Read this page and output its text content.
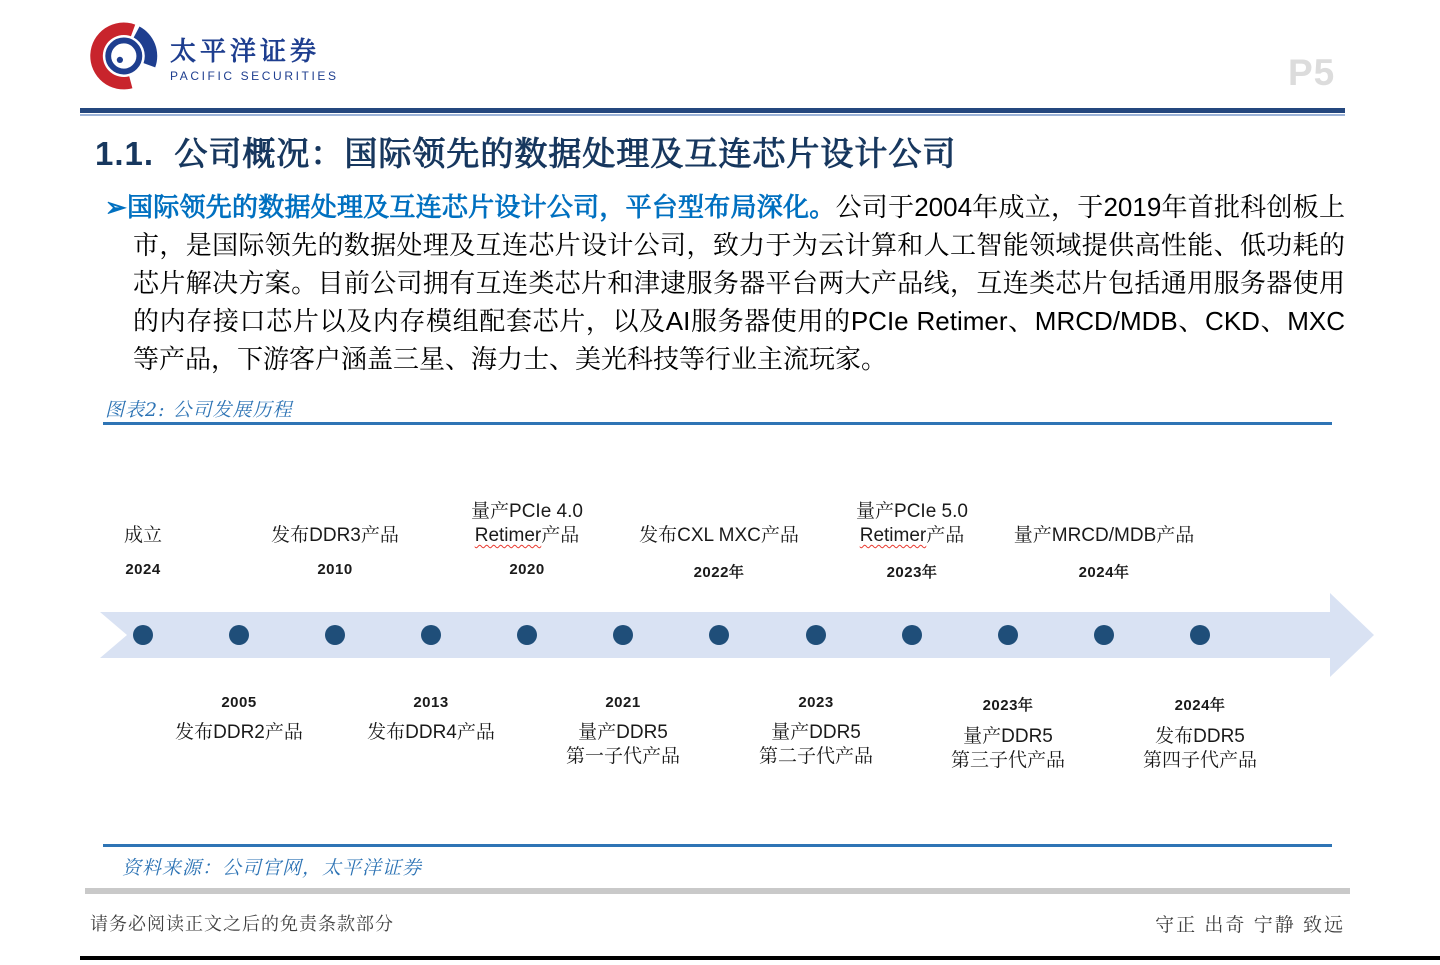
太平洋证券
PACIFIC SECURITIES	P5
1.1.  公司概况：国际领先的数据处理及互连芯片设计公司

➢国际领先的数据处理及互连芯片设计公司，平台型布局深化。公司于2004年成立，于2019年首批科创板上市，是国际领先的数据处理及互连芯片设计公司，致力于为云计算和人工智能领域提供高性能、低功耗的芯片解决方案。目前公司拥有互连类芯片和津逮服务器平台两大产品线，互连类芯片包括通用服务器使用的内存接口芯片以及内存模组配套芯片，以及AI服务器使用的PCIe Retimer、MRCD/MDB、CKD、MXC等产品，下游客户涵盖三星、海力士、美光科技等行业主流玩家。

图表2: 公司发展历程
成立
2024
发布DDR3产品
2010
量产PCIe 4.0
Retimer产品
2020
发布CXL MXC产品
2022年
量产PCIe 5.0
Retimer产品
2023年
量产MRCD/MDB产品
2024年
2005
发布DDR2产品
2013
发布DDR4产品
2021
量产DDR5
第一子代产品
2023
量产DDR5
第二子代产品
2023年
量产DDR5
第三子代产品
2024年
发布DDR5
第四子代产品
资料来源：公司官网，太平洋证券
请务必阅读正文之后的免责条款部分	守正 出奇 宁静 致远
